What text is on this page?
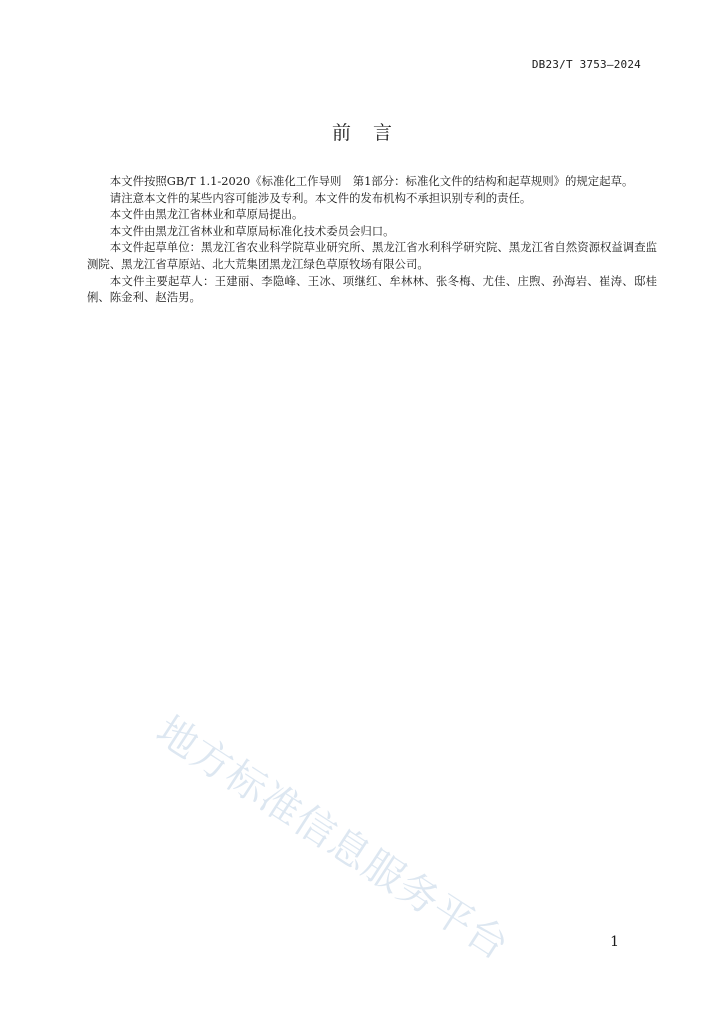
DB23/T 3753—2024
前言

本文件按照GB/T 1.1-2020《标准化工作导则　第1部分：标准化文件的结构和起草规则》的规定起草。

请注意本文件的某些内容可能涉及专利。本文件的发布机构不承担识别专利的责任。

本文件由黑龙江省林业和草原局提出。

本文件由黑龙江省林业和草原局标准化技术委员会归口。

本文件起草单位：黑龙江省农业科学院草业研究所、黑龙江省水利科学研究院、黑龙江省自然资源权益调查监测院、黑龙江省草原站、北大荒集团黑龙江绿色草原牧场有限公司。

本文件主要起草人：王建丽、李隐峰、王冰、项继红、牟林林、张冬梅、尤佳、庄煦、孙海岩、崔涛、邸桂俐、陈金利、赵浩男。

地方标准信息服务平台	1
